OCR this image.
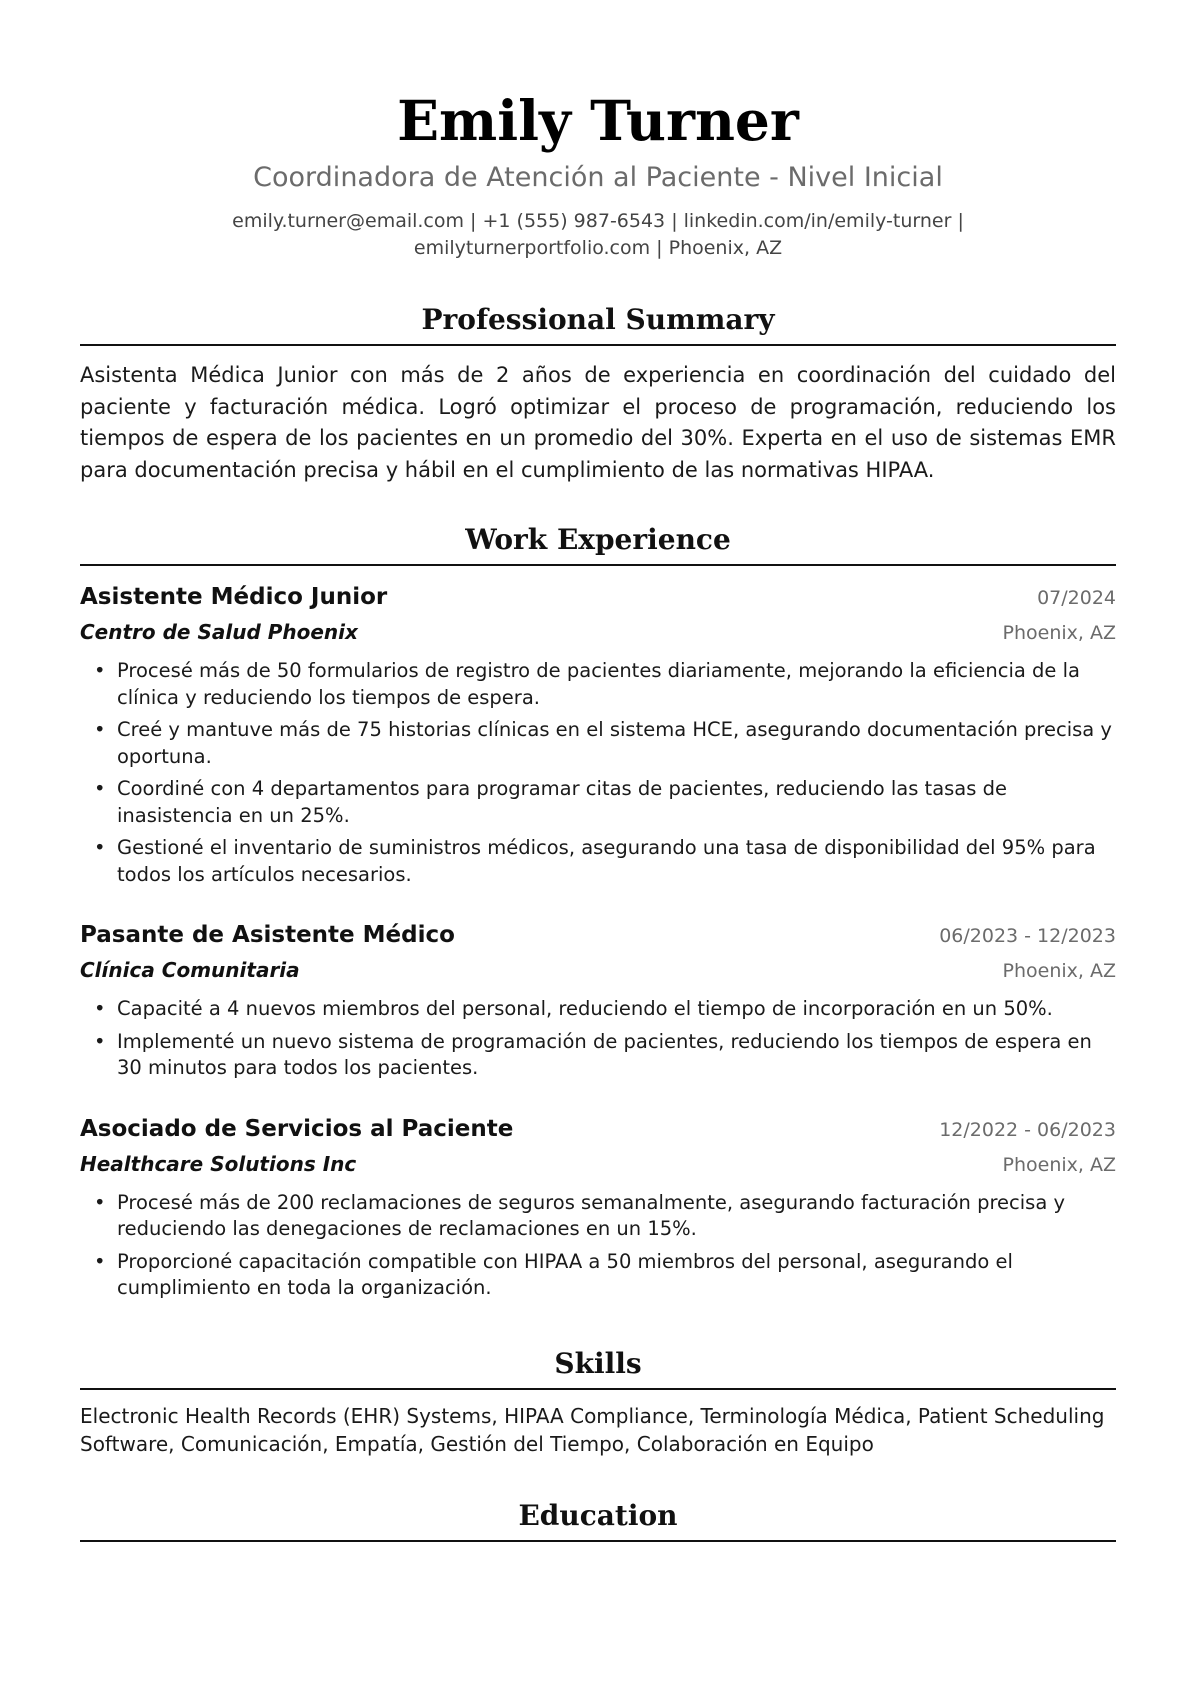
Emily Turner
Coordinadora de Atención al Paciente - Nivel Inicial
emily.turner@email.com | +1 (555) 987-6543 | linkedin.com/in/emily-turner | emilyturnerportfolio.com | Phoenix, AZ
Professional Summary
Asistenta Médica Junior con más de 2 años de experiencia en coordinación del cuidado del paciente y facturación médica. Logró optimizar el proceso de programación, reduciendo los tiempos de espera de los pacientes en un promedio del 30%. Experta en el uso de sistemas EMR para documentación precisa y hábil en el cumplimiento de las normativas HIPAA.
Work Experience
Asistente Médico Junior	07/2024
Centro de Salud Phoenix	Phoenix, AZ
• Procesé más de 50 formularios de registro de pacientes diariamente, mejorando la eficiencia de la clínica y reduciendo los tiempos de espera.
• Creé y mantuve más de 75 historias clínicas en el sistema HCE, asegurando documentación precisa y oportuna.
• Coordiné con 4 departamentos para programar citas de pacientes, reduciendo las tasas de inasistencia en un 25%.
• Gestioné el inventario de suministros médicos, asegurando una tasa de disponibilidad del 95% para todos los artículos necesarios.
Pasante de Asistente Médico	06/2023 - 12/2023
Clínica Comunitaria	Phoenix, AZ
• Capacité a 4 nuevos miembros del personal, reduciendo el tiempo de incorporación en un 50%.
• Implementé un nuevo sistema de programación de pacientes, reduciendo los tiempos de espera en 30 minutos para todos los pacientes.
Asociado de Servicios al Paciente	12/2022 - 06/2023
Healthcare Solutions Inc	Phoenix, AZ
• Procesé más de 200 reclamaciones de seguros semanalmente, asegurando facturación precisa y reduciendo las denegaciones de reclamaciones en un 15%.
• Proporcioné capacitación compatible con HIPAA a 50 miembros del personal, asegurando el cumplimiento en toda la organización.
Skills
Electronic Health Records (EHR) Systems, HIPAA Compliance, Terminología Médica, Patient Scheduling Software, Comunicación, Empatía, Gestión del Tiempo, Colaboración en Equipo
Education
